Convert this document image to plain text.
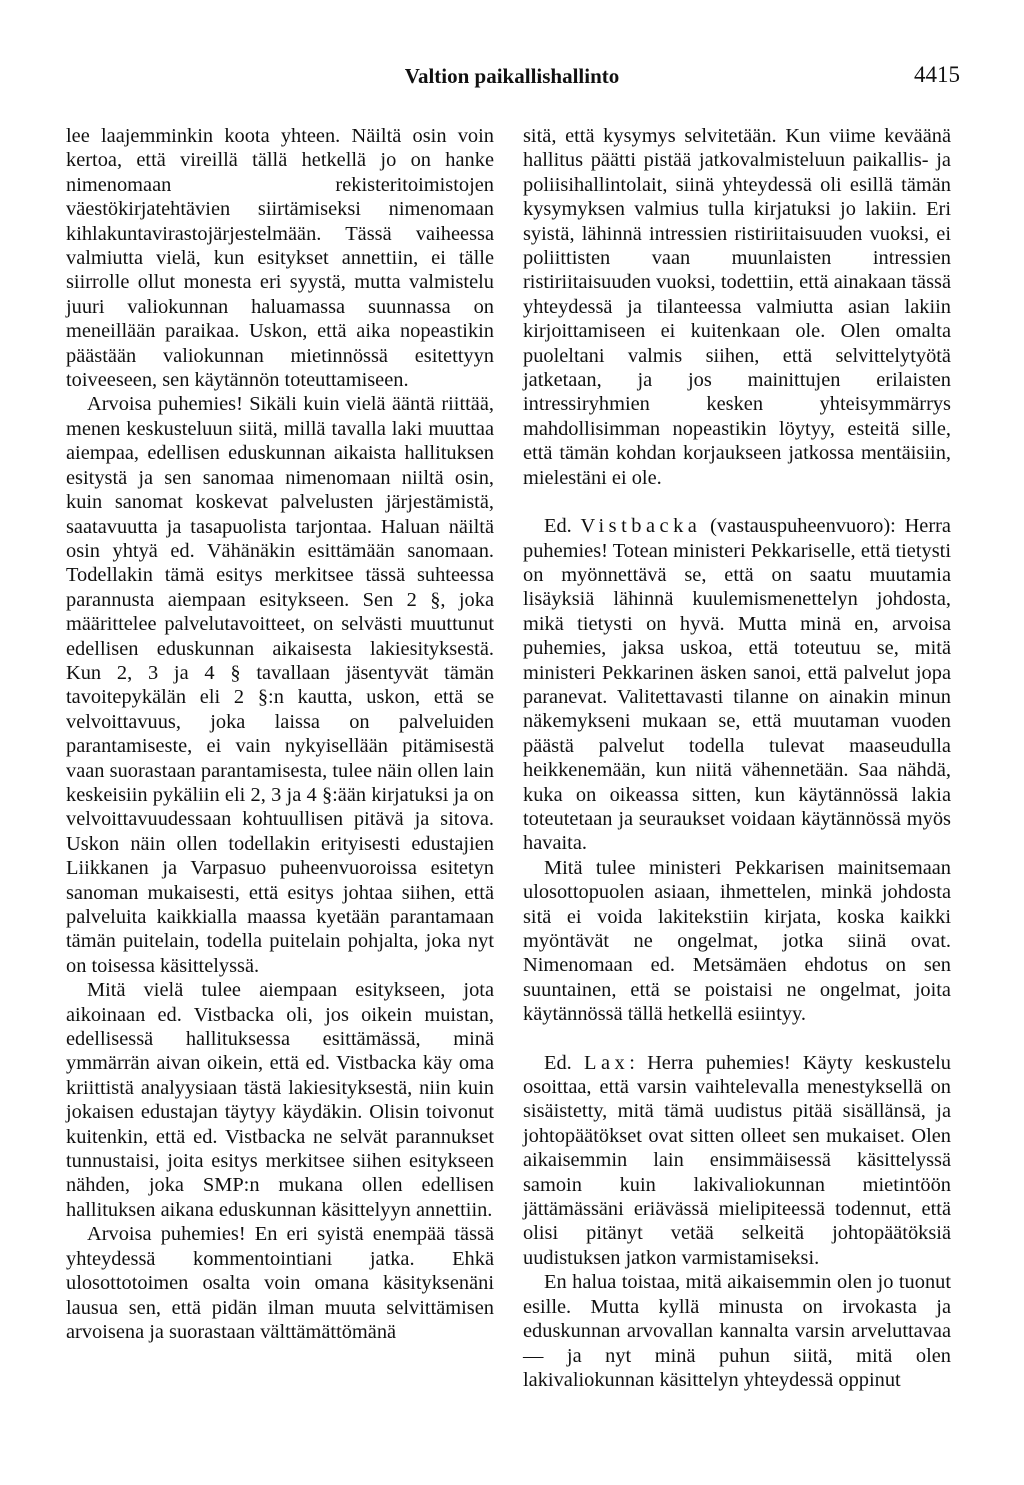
Valtion paikallishallinto	4415

lee laajemminkin koota yhteen. Näiltä osin voin kertoa, että vireillä tällä hetkellä jo on hanke nimenomaan rekisteritoimistojen väestökirjatehtävien siirtämiseksi nimenomaan kihlakuntavirastojärjestelmään. Tässä vaiheessa valmiutta vielä, kun esitykset annettiin, ei tälle siirrolle ollut monesta eri syystä, mutta valmistelu juuri valiokunnan haluamassa suunnassa on meneillään paraikaa. Uskon, että aika nopeastikin päästään valiokunnan mietinnössä esitettyyn toiveeseen, sen käytännön toteuttamiseen.

Arvoisa puhemies! Sikäli kuin vielä ääntä riittää, menen keskusteluun siitä, millä tavalla laki muuttaa aiempaa, edellisen eduskunnan aikaista hallituksen esitystä ja sen sanomaa nimenomaan niiltä osin, kuin sanomat koskevat palvelusten järjestämistä, saatavuutta ja tasapuolista tarjontaa. Haluan näiltä osin yhtyä ed. Vähänäkin esittämään sanomaan. Todellakin tämä esitys merkitsee tässä suhteessa parannusta aiempaan esitykseen. Sen 2 §, joka määrittelee palvelutavoitteet, on selvästi muuttunut edellisen eduskunnan aikaisesta lakiesityksestä. Kun 2, 3 ja 4 § tavallaan jäsentyvät tämän tavoitepykälän eli 2 §:n kautta, uskon, että se velvoittavuus, joka laissa on palveluiden parantamiseste, ei vain nykyisellään pitämisestä vaan suorastaan parantamisesta, tulee näin ollen lain keskeisiin pykäliin eli 2, 3 ja 4 §:ään kirjatuksi ja on velvoittavuudessaan kohtuullisen pitävä ja sitova. Uskon näin ollen todellakin erityisesti edustajien Liikkanen ja Varpasuo puheenvuoroissa esitetyn sanoman mukaisesti, että esitys johtaa siihen, että palveluita kaikkialla maassa kyetään parantamaan tämän puitelain, todella puitelain pohjalta, joka nyt on toisessa käsittelyssä.

Mitä vielä tulee aiempaan esitykseen, jota aikoinaan ed. Vistbacka oli, jos oikein muistan, edellisessä hallituksessa esittämässä, minä ymmärrän aivan oikein, että ed. Vistbacka käy oma kriittistä analyysiaan tästä lakiesityksestä, niin kuin jokaisen edustajan täytyy käydäkin. Olisin toivonut kuitenkin, että ed. Vistbacka ne selvät parannukset tunnustaisi, joita esitys merkitsee siihen esitykseen nähden, joka SMP:n mukana ollen edellisen hallituksen aikana eduskunnan käsittelyyn annettiin.

Arvoisa puhemies! En eri syistä enempää tässä yhteydessä kommentointiani jatka. Ehkä ulosottotoimen osalta voin omana käsityksenäni lausua sen, että pidän ilman muuta selvittämisen arvoisena ja suorastaan välttämättömänä

sitä, että kysymys selvitetään. Kun viime keväänä hallitus päätti pistää jatkovalmisteluun paikallis- ja poliisihallintolait, siinä yhteydessä oli esillä tämän kysymyksen valmius tulla kirjatuksi jo lakiin. Eri syistä, lähinnä intressien ristiriitaisuuden vuoksi, ei poliittisten vaan muunlaisten intressien ristiriitaisuuden vuoksi, todettiin, että ainakaan tässä yhteydessä ja tilanteessa valmiutta asian lakiin kirjoittamiseen ei kuitenkaan ole. Olen omalta puoleltani valmis siihen, että selvittelytyötä jatketaan, ja jos mainittujen erilaisten intressiryhmien kesken yhteisymmärrys mahdollisimman nopeastikin löytyy, esteitä sille, että tämän kohdan korjaukseen jatkossa mentäisiin, mielestäni ei ole.

Ed. Vistbacka (vastauspuheenvuoro): Herra puhemies! Totean ministeri Pekkariselle, että tietysti on myönnettävä se, että on saatu muutamia lisäyksiä lähinnä kuulemismenettelyn johdosta, mikä tietysti on hyvä. Mutta minä en, arvoisa puhemies, jaksa uskoa, että toteutuu se, mitä ministeri Pekkarinen äsken sanoi, että palvelut jopa paranevat. Valitettavasti tilanne on ainakin minun näkemykseni mukaan se, että muutaman vuoden päästä palvelut todella tulevat maaseudulla heikkenemään, kun niitä vähennetään. Saa nähdä, kuka on oikeassa sitten, kun käytännössä lakia toteutetaan ja seuraukset voidaan käytännössä myös havaita.

Mitä tulee ministeri Pekkarisen mainitsemaan ulosottopuolen asiaan, ihmettelen, minkä johdosta sitä ei voida lakitekstiin kirjata, koska kaikki myöntävät ne ongelmat, jotka siinä ovat. Nimenomaan ed. Metsämäen ehdotus on sen suuntainen, että se poistaisi ne ongelmat, joita käytännössä tällä hetkellä esiintyy.

Ed. Lax: Herra puhemies! Käyty keskustelu osoittaa, että varsin vaihtelevalla menestyksellä on sisäistetty, mitä tämä uudistus pitää sisällänsä, ja johtopäätökset ovat sitten olleet sen mukaiset. Olen aikaisemmin lain ensimmäisessä käsittelyssä samoin kuin lakivaliokunnan mietintöön jättämässäni eriävässä mielipiteessä todennut, että olisi pitänyt vetää selkeitä johtopäätöksiä uudistuksen jatkon varmistamiseksi.

En halua toistaa, mitä aikaisemmin olen jo tuonut esille. Mutta kyllä minusta on irvokasta ja eduskunnan arvovallan kannalta varsin arveluttavaa — ja nyt minä puhun siitä, mitä olen lakivaliokunnan käsittelyn yhteydessä oppinut
